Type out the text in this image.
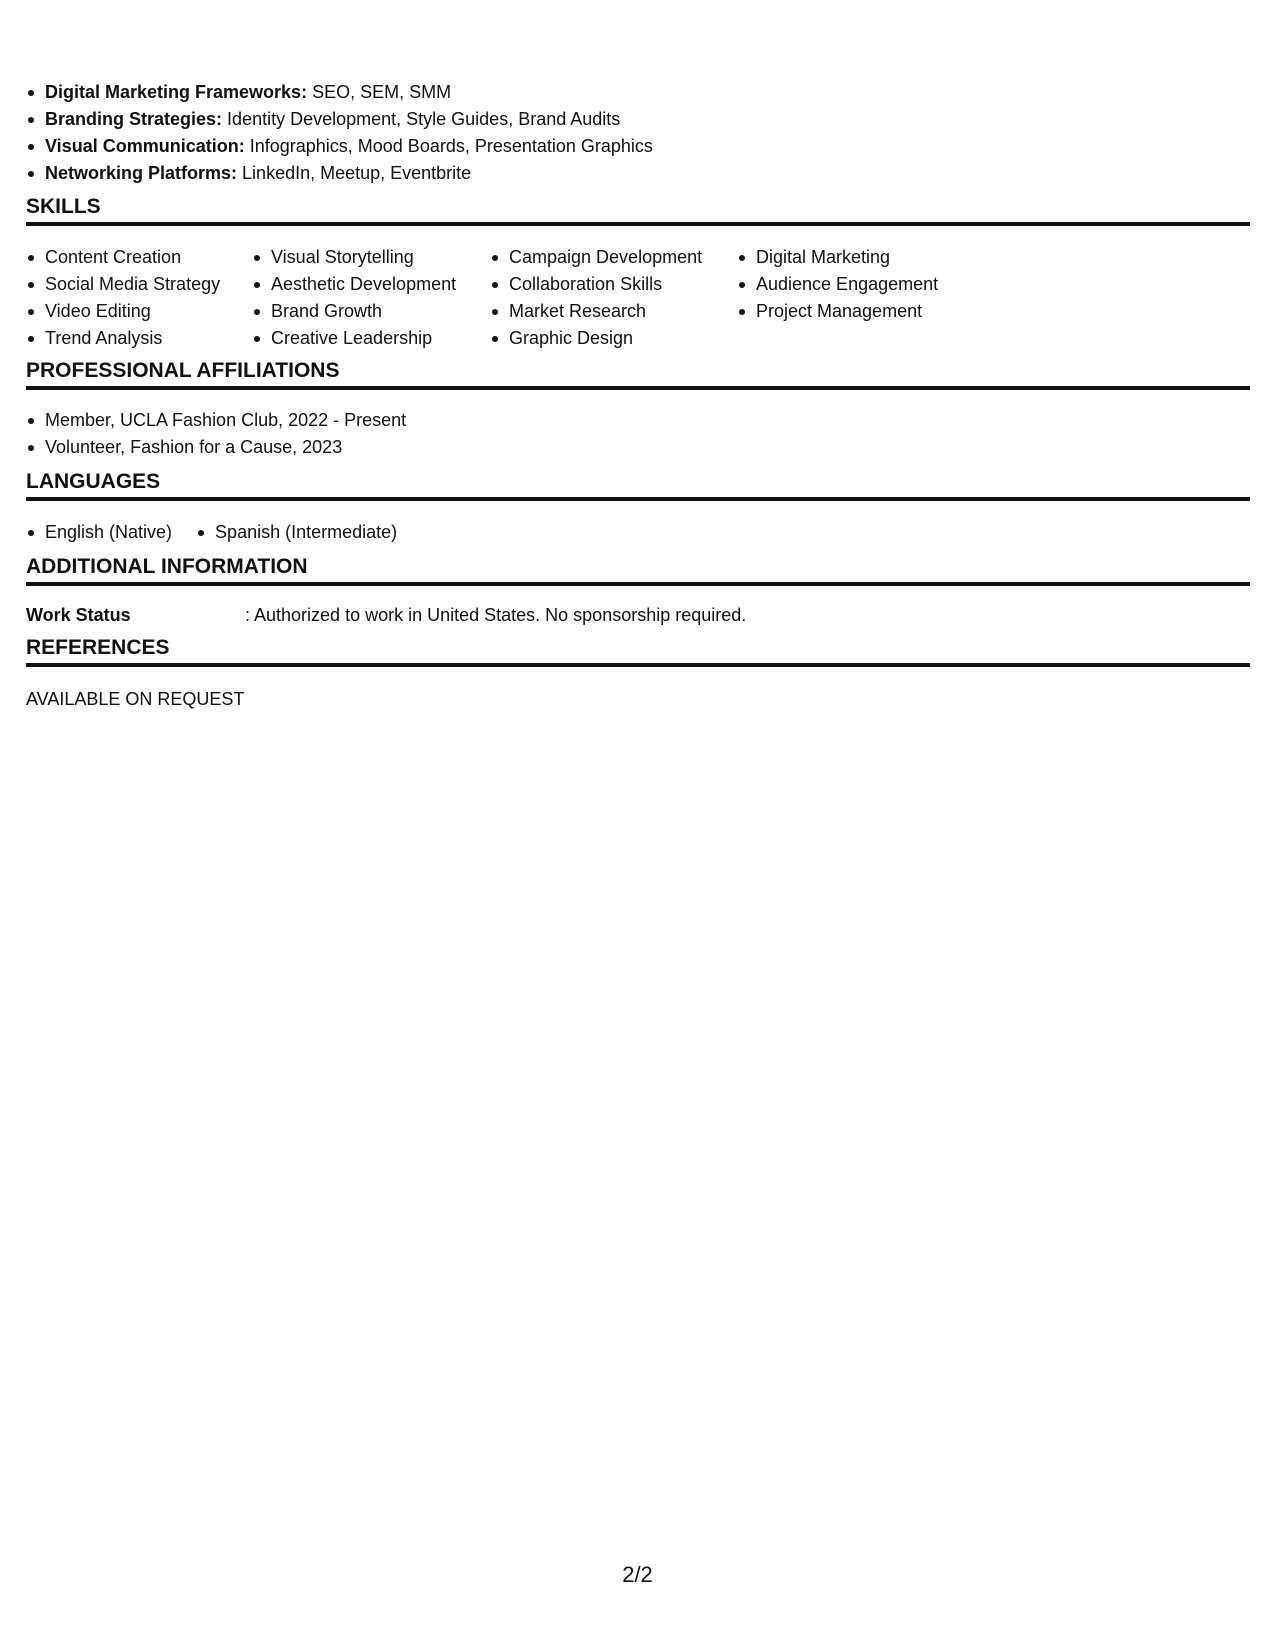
Digital Marketing Frameworks: SEO, SEM, SMM
Branding Strategies: Identity Development, Style Guides, Brand Audits
Visual Communication: Infographics, Mood Boards, Presentation Graphics
Networking Platforms: LinkedIn, Meetup, Eventbrite
SKILLS
Content Creation
Social Media Strategy
Video Editing
Trend Analysis
Visual Storytelling
Aesthetic Development
Brand Growth
Creative Leadership
Campaign Development
Collaboration Skills
Market Research
Graphic Design
Digital Marketing
Audience Engagement
Project Management
PROFESSIONAL AFFILIATIONS
Member, UCLA Fashion Club, 2022 - Present
Volunteer, Fashion for a Cause, 2023
LANGUAGES
English (Native)	Spanish (Intermediate)
ADDITIONAL INFORMATION
Work Status	: Authorized to work in United States. No sponsorship required.
REFERENCES
AVAILABLE ON REQUEST
2/2
